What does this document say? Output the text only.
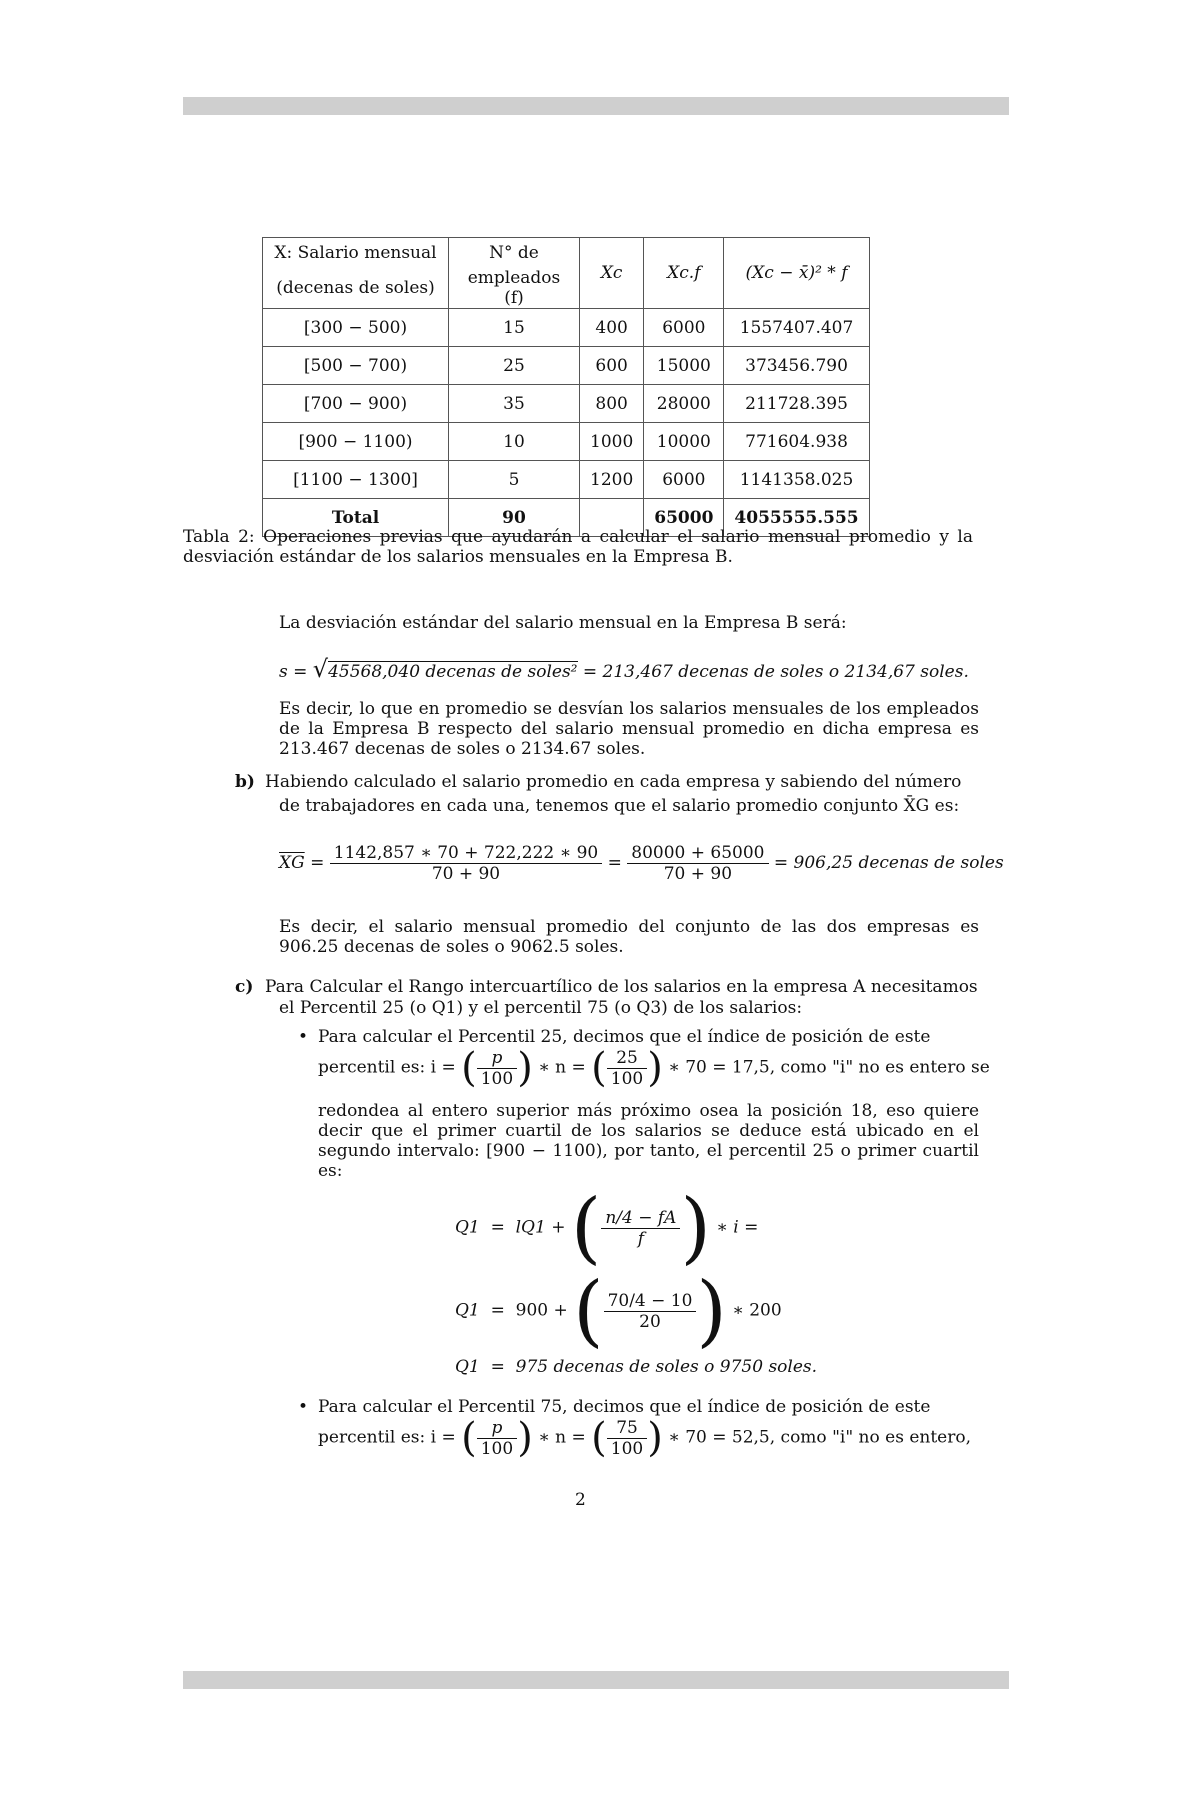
X: Salario mensual	N° de	Xc	Xc.f	(Xc − x̄)² * f
(decenas de soles)	empleados (f)			
[300 − 500)	15	400	6000	1557407.407
[500 − 700)	25	600	15000	373456.790
[700 − 900)	35	800	28000	211728.395
[900 − 1100)	10	1000	10000	771604.938
[1100 − 1300]	5	1200	6000	1141358.025
Total	90		65000	4055555.555
Tabla 2: Operaciones previas que ayudarán a calcular el salario mensual promedio y la desviación estándar de los salarios mensuales en la Empresa B.
La desviación estándar del salario mensual en la Empresa B será:
s = √45568,040 decenas de soles² = 213,467 decenas de soles o 2134,67 soles.
Es decir, lo que en promedio se desvían los salarios mensuales de los empleados de la Empresa B respecto del salario mensual promedio en dicha empresa es 213.467 decenas de soles o 2134.67 soles.
b) Habiendo calculado el salario promedio en cada empresa y sabiendo del número
de trabajadores en cada una, tenemos que el salario promedio conjunto X̄G es:
$\overline{XG} = \frac{1142,857 ∗ 70 + 722,222 ∗ 90}{70 + 90} = \frac{80000 + 65000}{70 + 90} = 906,25$ decenas de soles
Es decir, el salario mensual promedio del conjunto de las dos empresas es 906.25 decenas de soles o 9062.5 soles.
c) Para Calcular el Rango intercuartílico de los salarios en la empresa A necesitamos
el Percentil 25 (o Q1) y el percentil 75 (o Q3) de los salarios:
• Para calcular el Percentil 25, decimos que el índice de posición de este
percentil es: i = ( $\frac{p}{100}$ ) ∗ n = ( $\frac{25}{100}$ ) ∗ 70 = 17,5, como "i" no es entero se
redondea al entero superior más próximo osea la posición 18, eso quiere decir que el primer cuartil de los salarios se deduce está ubicado en el segundo intervalo: [900 − 1100), por tanto, el percentil 25 o primer cuartil es:
Q1  =  lQ1 + ( $\frac{n/4 - fA}{f}$ ) ∗ i =
Q1  =  900 + ( $\frac{70/4 - 10}{20}$ ) ∗ 200
Q1  =  975 decenas de soles o 9750 soles.
• Para calcular el Percentil 75, decimos que el índice de posición de este
percentil es: i = ( $\frac{p}{100}$ ) ∗ n = ( $\frac{75}{100}$ ) ∗ 70 = 52,5, como "i" no es entero,
2
